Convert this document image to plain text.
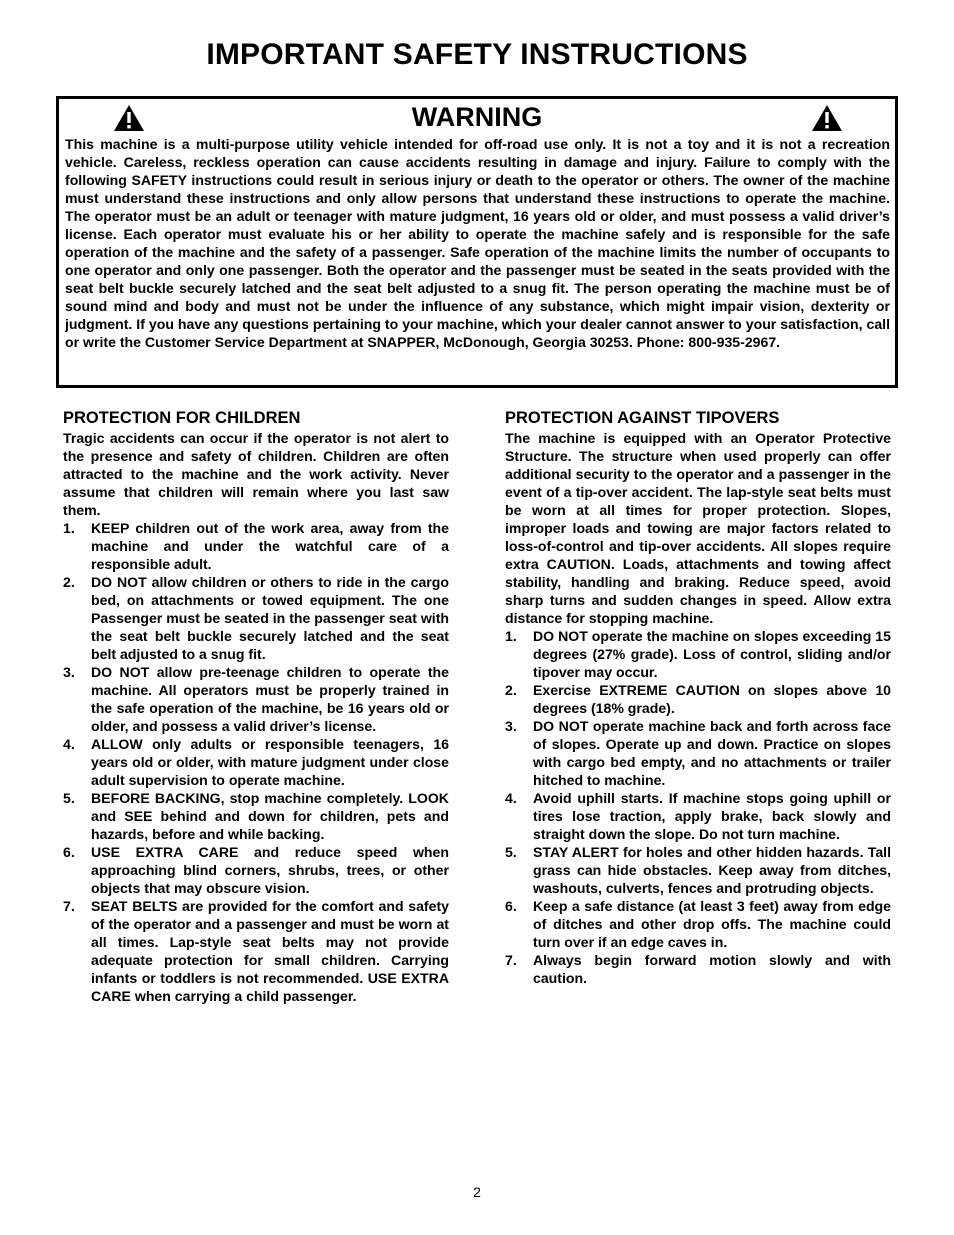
IMPORTANT SAFETY INSTRUCTIONS
WARNING

This machine is a multi-purpose utility vehicle intended for off-road use only. It is not a toy and it is not a recreation vehicle. Careless, reckless operation can cause accidents resulting in damage and injury. Failure to comply with the following SAFETY instructions could result in serious injury or death to the operator or others. The owner of the machine must understand these instructions and only allow persons that understand these instructions to operate the machine. The operator must be an adult or teenager with mature judgment, 16 years old or older, and must possess a valid driver’s license. Each operator must evaluate his or her ability to operate the machine safely and is responsible for the safe operation of the machine and the safety of a passenger. Safe operation of the machine limits the number of occupants to one operator and only one passenger. Both the operator and the passenger must be seated in the seats provided with the seat belt buckle securely latched and the seat belt adjusted to a snug fit. The person operating the machine must be of sound mind and body and must not be under the influence of any substance, which might impair vision, dexterity or judgment. If you have any questions pertaining to your machine, which your dealer cannot answer to your satisfaction, call or write the Customer Service Department at SNAPPER, McDonough, Georgia 30253. Phone: 800-935-2967.

PROTECTION FOR CHILDREN

Tragic accidents can occur if the operator is not alert to the presence and safety of children. Children are often attracted to the machine and the work activity. Never assume that children will remain where you last saw them.

1. KEEP children out of the work area, away from the machine and under the watchful care of a responsible adult.
2. DO NOT allow children or others to ride in the cargo bed, on attachments or towed equipment. The one Passenger must be seated in the passenger seat with the seat belt buckle securely latched and the seat belt adjusted to a snug fit.
3. DO NOT allow pre-teenage children to operate the machine. All operators must be properly trained in the safe operation of the machine, be 16 years old or older, and possess a valid driver’s license.
4. ALLOW only adults or responsible teenagers, 16 years old or older, with mature judgment under close adult supervision to operate machine.
5. BEFORE BACKING, stop machine completely. LOOK and SEE behind and down for children, pets and hazards, before and while backing.
6. USE EXTRA CARE and reduce speed when approaching blind corners, shrubs, trees, or other objects that may obscure vision.
7. SEAT BELTS are provided for the comfort and safety of the operator and a passenger and must be worn at all times. Lap-style seat belts may not provide adequate protection for small children. Carrying infants or toddlers is not recommended. USE EXTRA CARE when carrying a child passenger.
PROTECTION AGAINST TIPOVERS

The machine is equipped with an Operator Protective Structure. The structure when used properly can offer additional security to the operator and a passenger in the event of a tip-over accident. The lap-style seat belts must be worn at all times for proper protection. Slopes, improper loads and towing are major factors related to loss-of-control and tip-over accidents. All slopes require extra CAUTION. Loads, attachments and towing affect stability, handling and braking. Reduce speed, avoid sharp turns and sudden changes in speed. Allow extra distance for stopping machine.

1. DO NOT operate the machine on slopes exceeding 15 degrees (27% grade). Loss of control, sliding and/or tipover may occur.
2. Exercise EXTREME CAUTION on slopes above 10 degrees (18% grade).
3. DO NOT operate machine back and forth across face of slopes. Operate up and down. Practice on slopes with cargo bed empty, and no attachments or trailer hitched to machine.
4. Avoid uphill starts. If machine stops going uphill or tires lose traction, apply brake, back slowly and straight down the slope. Do not turn machine.
5. STAY ALERT for holes and other hidden hazards. Tall grass can hide obstacles. Keep away from ditches, washouts, culverts, fences and protruding objects.
6. Keep a safe distance (at least 3 feet) away from edge of ditches and other drop offs. The machine could turn over if an edge caves in.
7. Always begin forward motion slowly and with caution.
2
